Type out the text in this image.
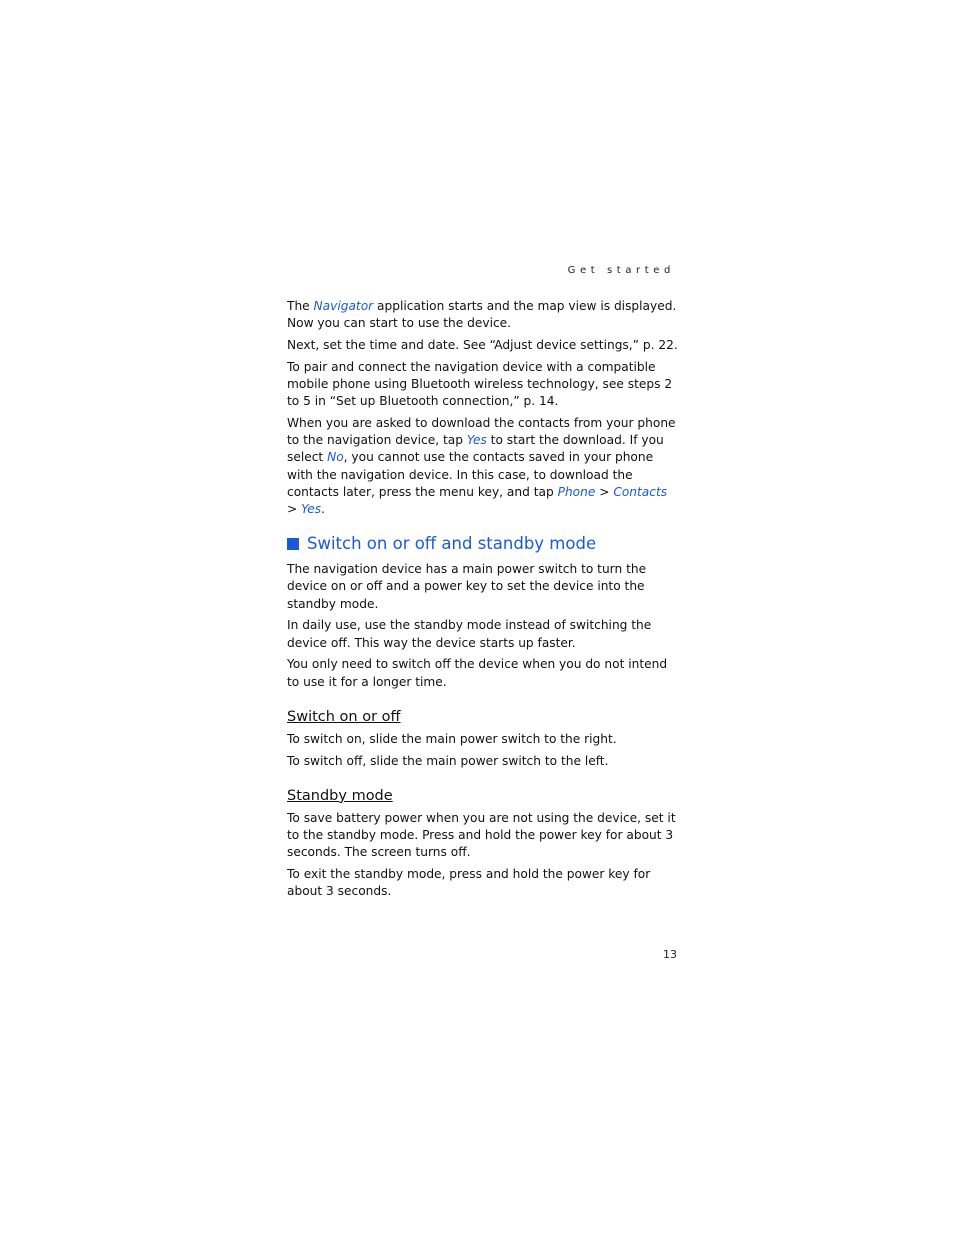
Get started

The Navigator application starts and the map view is displayed. Now you can start to use the device.

Next, set the time and date. See “Adjust device settings,” p. 22.

To pair and connect the navigation device with a compatible mobile phone using Bluetooth wireless technology, see steps 2 to 5 in “Set up Bluetooth connection,” p. 14.

When you are asked to download the contacts from your phone to the navigation device, tap Yes to start the download. If you select No, you cannot use the contacts saved in your phone with the navigation device. In this case, to download the contacts later, press the menu key, and tap Phone > Contacts > Yes.

Switch on or off and standby mode

The navigation device has a main power switch to turn the device on or off and a power key to set the device into the standby mode.

In daily use, use the standby mode instead of switching the device off. This way the device starts up faster.

You only need to switch off the device when you do not intend to use it for a longer time.

Switch on or off

To switch on, slide the main power switch to the right.

To switch off, slide the main power switch to the left.

Standby mode

To save battery power when you are not using the device, set it to the standby mode. Press and hold the power key for about 3 seconds. The screen turns off.

To exit the standby mode, press and hold the power key for about 3 seconds.

13
